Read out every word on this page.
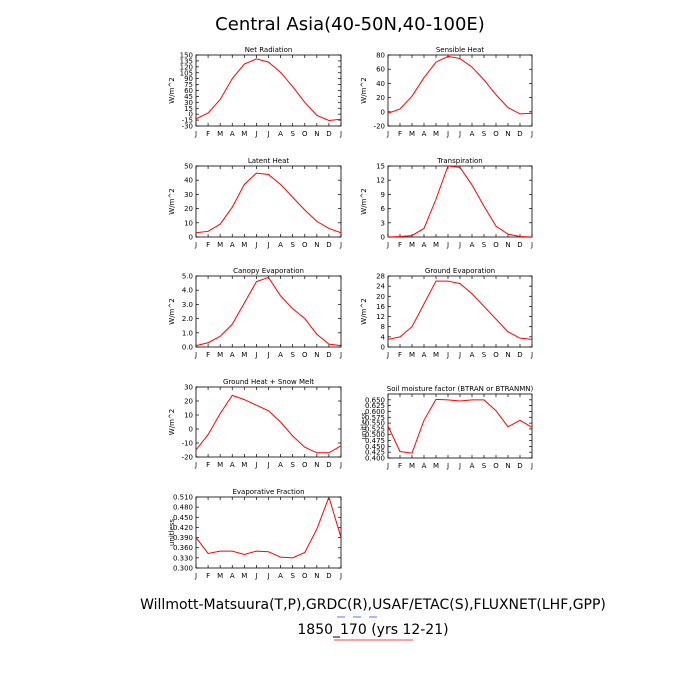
Central Asia(40-50N,40-100E)
Net Radiation
-30
-15
0
15
30
45
60
75
90
105
120
135
150
J F M A M J J A S O N D J
W/m^2
Sensible Heat
-20
0
20
40
60
80
J F M A M J J A S O N D J
W/m^2
Latent Heat
0
10
20
30
40
50
J F M A M J J A S O N D J
W/m^2
Transpiration
0
3
6
9
12
15
J F M A M J J A S O N D J
W/m^2
Canopy Evaporation
0.0
1.0
2.0
3.0
4.0
5.0
J F M A M J J A S O N D J
W/m^2
Ground Evaporation
0
4
8
12
16
20
24
28
J F M A M J J A S O N D J
W/m^2
Ground Heat + Snow Melt
-20
-10
0
10
20
30
J F M A M J J A S O N D J
W/m^2
Soil moisture factor (BTRAN or BTRANMN)
0.400
0.425
0.450
0.475
0.500
0.525
0.550
0.575
0.600
0.625
0.650
J F M A M J J A S O N D J
unitless
Evaporative Fraction
0.300
0.330
0.360
0.390
0.420
0.450
0.480
0.510
J F M A M J J A S O N D J
unitless
Willmott-Matsuura(T,P),GRDC(R),USAF/ETAC(S),FLUXNET(LHF,GPP)
1850_170 (yrs 12-21)
